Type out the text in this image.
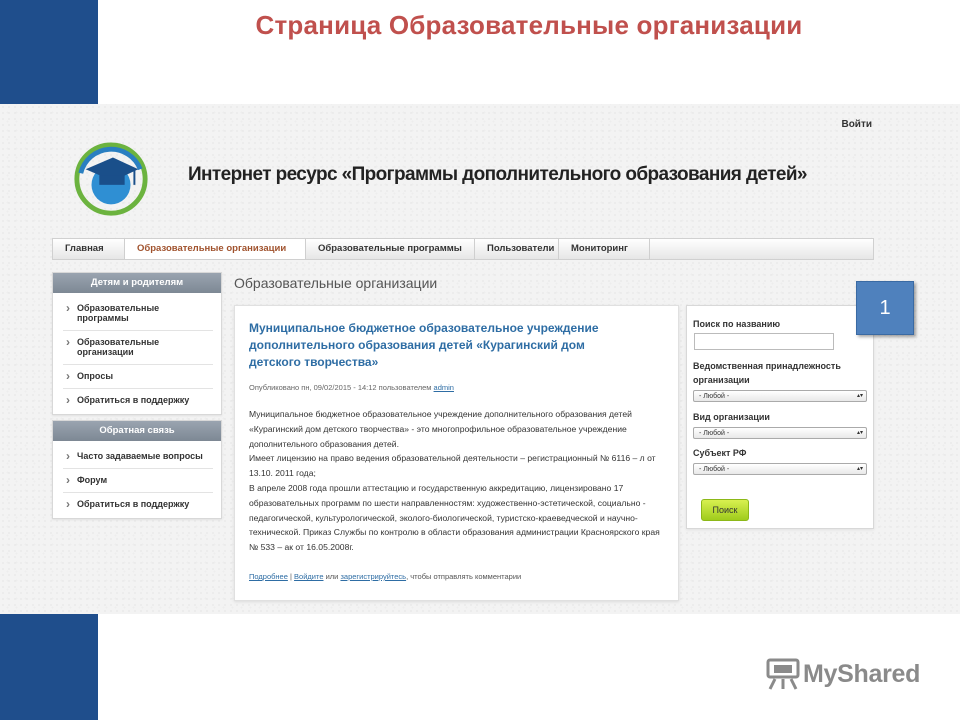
Страница Образовательные организации
Войти
Интернет ресурс «Программы дополнительного образования детей»
Главная	Образовательные организации	Образовательные программы	Пользователи	Мониторинг
Детям и родителям
› Образовательные программы
› Образовательные организации
› Опросы
› Обратиться в поддержку
Обратная связь
› Часто задаваемые вопросы
› Форум
› Обратиться в поддержку
Образовательные организации
Муниципальное бюджетное образовательное учреждение дополнительного образования детей «Курагинский дом детского творчества»
Опубликовано пн, 09/02/2015 - 14:12 пользователем admin

Муниципальное бюджетное образовательное учреждение дополнительного образования детей «Курагинский дом детского творчества» - это многопрофильное образовательное учреждение дополнительного образования детей.

Имеет лицензию на право ведения образовательной деятельности – регистрационный № 6116 – л от 13.10. 2011 года;

В апреле 2008 года прошли аттестацию и государственную аккредитацию, лицензировано 17 образовательных программ по шести направленностям: художественно-эстетической, социально - педагогической, культурологической, эколого-биологической, туристско-краеведческой и научно-технической. Приказ Службы по контролю в области образования администрации Красноярского края № 533 – ак от 16.05.2008г.

Подробнее | Войдите или зарегистрируйтесь, чтобы отправлять комментарии
Поиск по названию
Ведомственная принадлежность организации
- Любой -	▴▾
Вид организации
- Любой -	▴▾
Субъект РФ
- Любой -	▴▾
Поиск
1
MyShared
